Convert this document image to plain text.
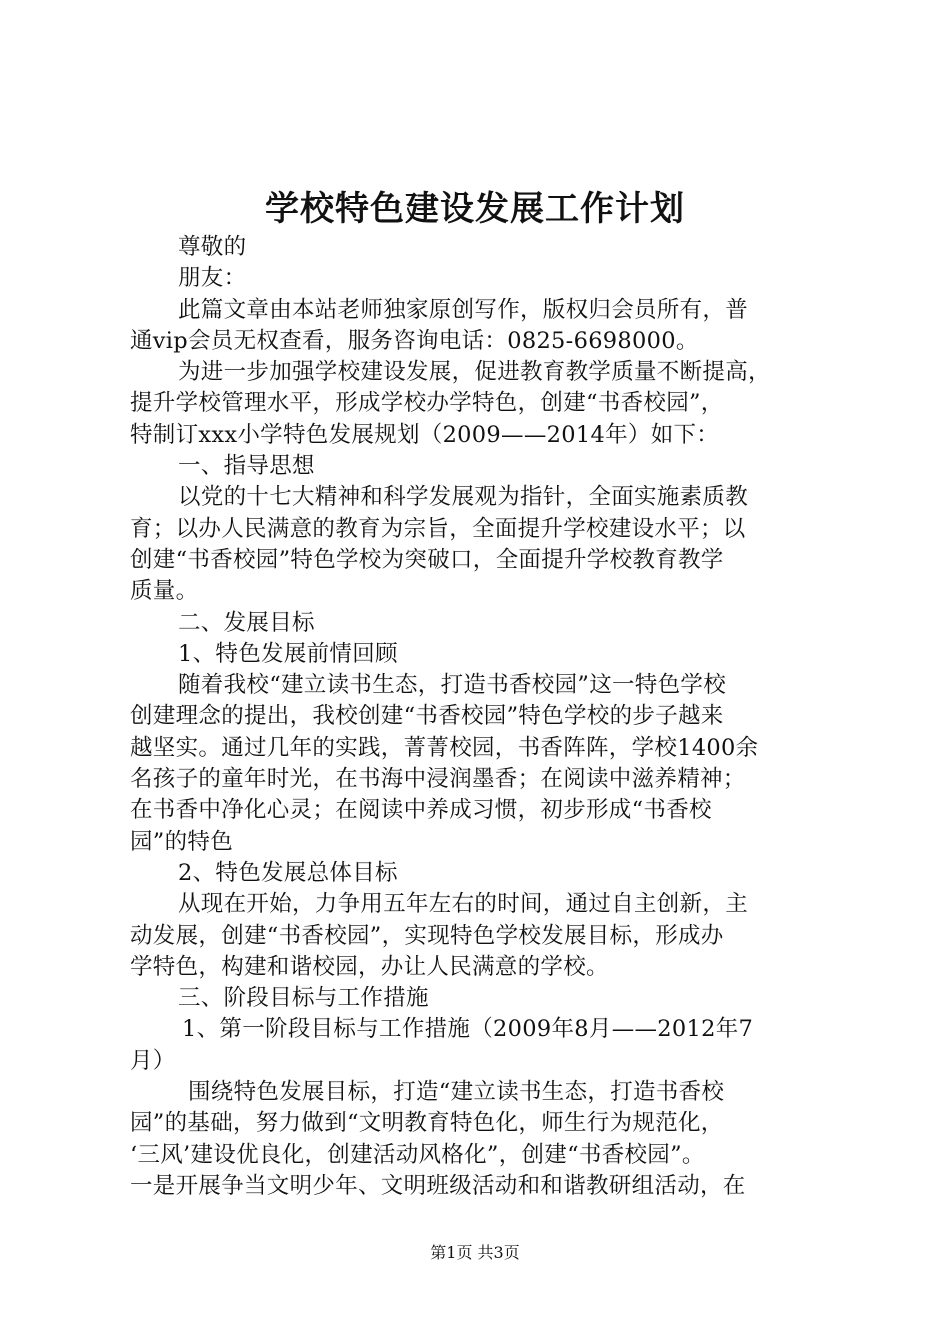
学校特色建设发展工作计划

尊敬的

朋友：

此篇文章由本站老师独家原创写作，版权归会员所有，普

通vip会员无权查看，服务咨询电话：0825-6698000。

为进一步加强学校建设发展，促进教育教学质量不断提高，

提升学校管理水平，形成学校办学特色，创建“书香校园”，

特制订xxx小学特色发展规划（2009——2014年）如下：

一、指导思想

以党的十七大精神和科学发展观为指针，全面实施素质教

育；以办人民满意的教育为宗旨，全面提升学校建设水平；以

创建“书香校园”特色学校为突破口，全面提升学校教育教学

质量。

二、发展目标

1、特色发展前情回顾

随着我校“建立读书生态，打造书香校园”这一特色学校

创建理念的提出，我校创建“书香校园”特色学校的步子越来

越坚实。通过几年的实践，菁菁校园，书香阵阵，学校1400余

名孩子的童年时光，在书海中浸润墨香；在阅读中滋养精神；

在书香中净化心灵；在阅读中养成习惯，初步形成“书香校

园”的特色

2、特色发展总体目标

从现在开始，力争用五年左右的时间，通过自主创新，主

动发展，创建“书香校园”，实现特色学校发展目标，形成办

学特色，构建和谐校园，办让人民满意的学校。

三、阶段目标与工作措施

1、第一阶段目标与工作措施（2009年8月——2012年7

月）

围绕特色发展目标，打造“建立读书生态，打造书香校

园”的基础，努力做到“文明教育特色化，师生行为规范化，

‘三风’建设优良化，创建活动风格化”，创建“书香校园”。

一是开展争当文明少年、文明班级活动和和谐教研组活动，在

第1页 共3页
